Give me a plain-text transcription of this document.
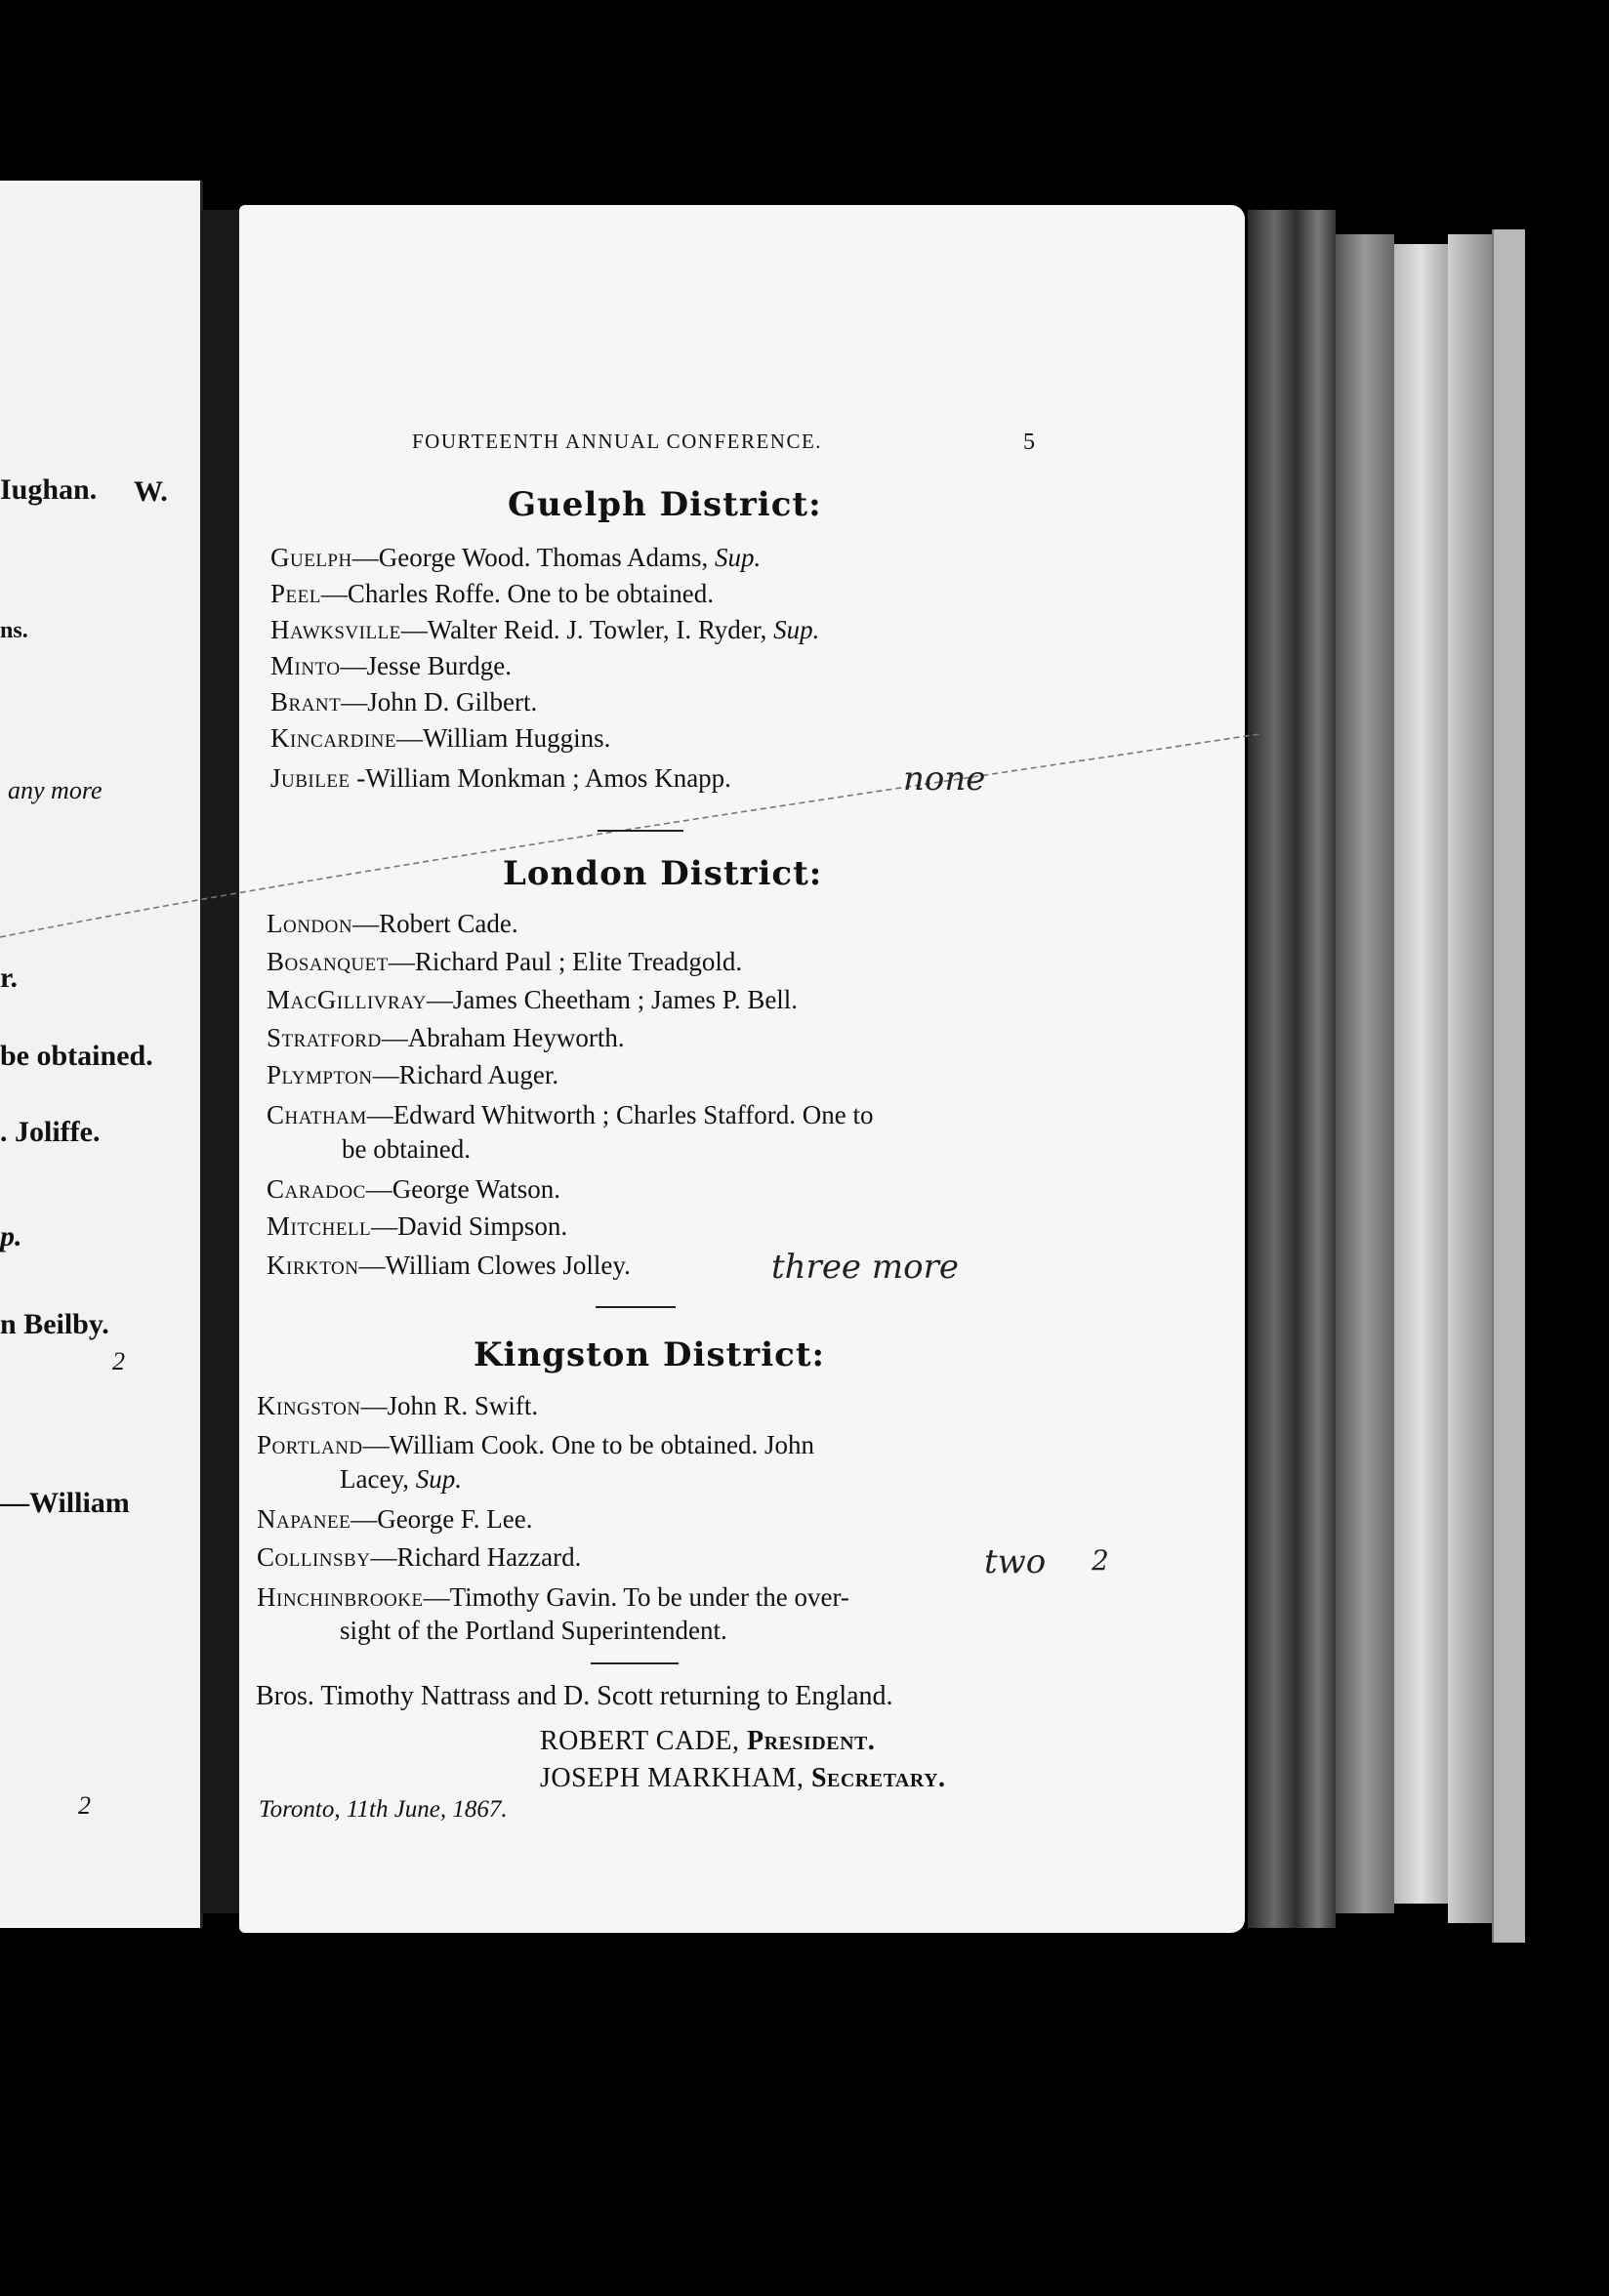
Iughan. W.
ns.
any more
r.
be obtained.
. Joliffe.
p.
n Beilby.
2
—William
2
FOURTEENTH ANNUAL CONFERENCE.	5
Guelph District:
Guelph—George Wood. Thomas Adams, Sup.
Peel—Charles Roffe. One to be obtained.
Hawksville—Walter Reid. J. Towler, I. Ryder, Sup.
Minto—Jesse Burdge.
Brant—John D. Gilbert.
Kincardine—William Huggins.
Jubilee -William Monkman ; Amos Knapp.	none
London District:
London—Robert Cade.
Bosanquet—Richard Paul ; Elite Treadgold.
MacGillivray—James Cheetham ; James P. Bell.
Stratford—Abraham Heyworth.
Plympton—Richard Auger.
Chatham—Edward Whitworth ; Charles Stafford. One to
be obtained.
Caradoc—George Watson.
Mitchell—David Simpson.
Kirkton—William Clowes Jolley.	three more
Kingston District:
Kingston—John R. Swift.
Portland—William Cook. One to be obtained. John
Lacey, Sup.
Napanee—George F. Lee.
Collinsby—Richard Hazzard.	two 2
Hinchinbrooke—Timothy Gavin. To be under the over-
sight of the Portland Superintendent.
Bros. Timothy Nattrass and D. Scott returning to England.
ROBERT CADE, President.
JOSEPH MARKHAM, Secretary.
Toronto, 11th June, 1867.
